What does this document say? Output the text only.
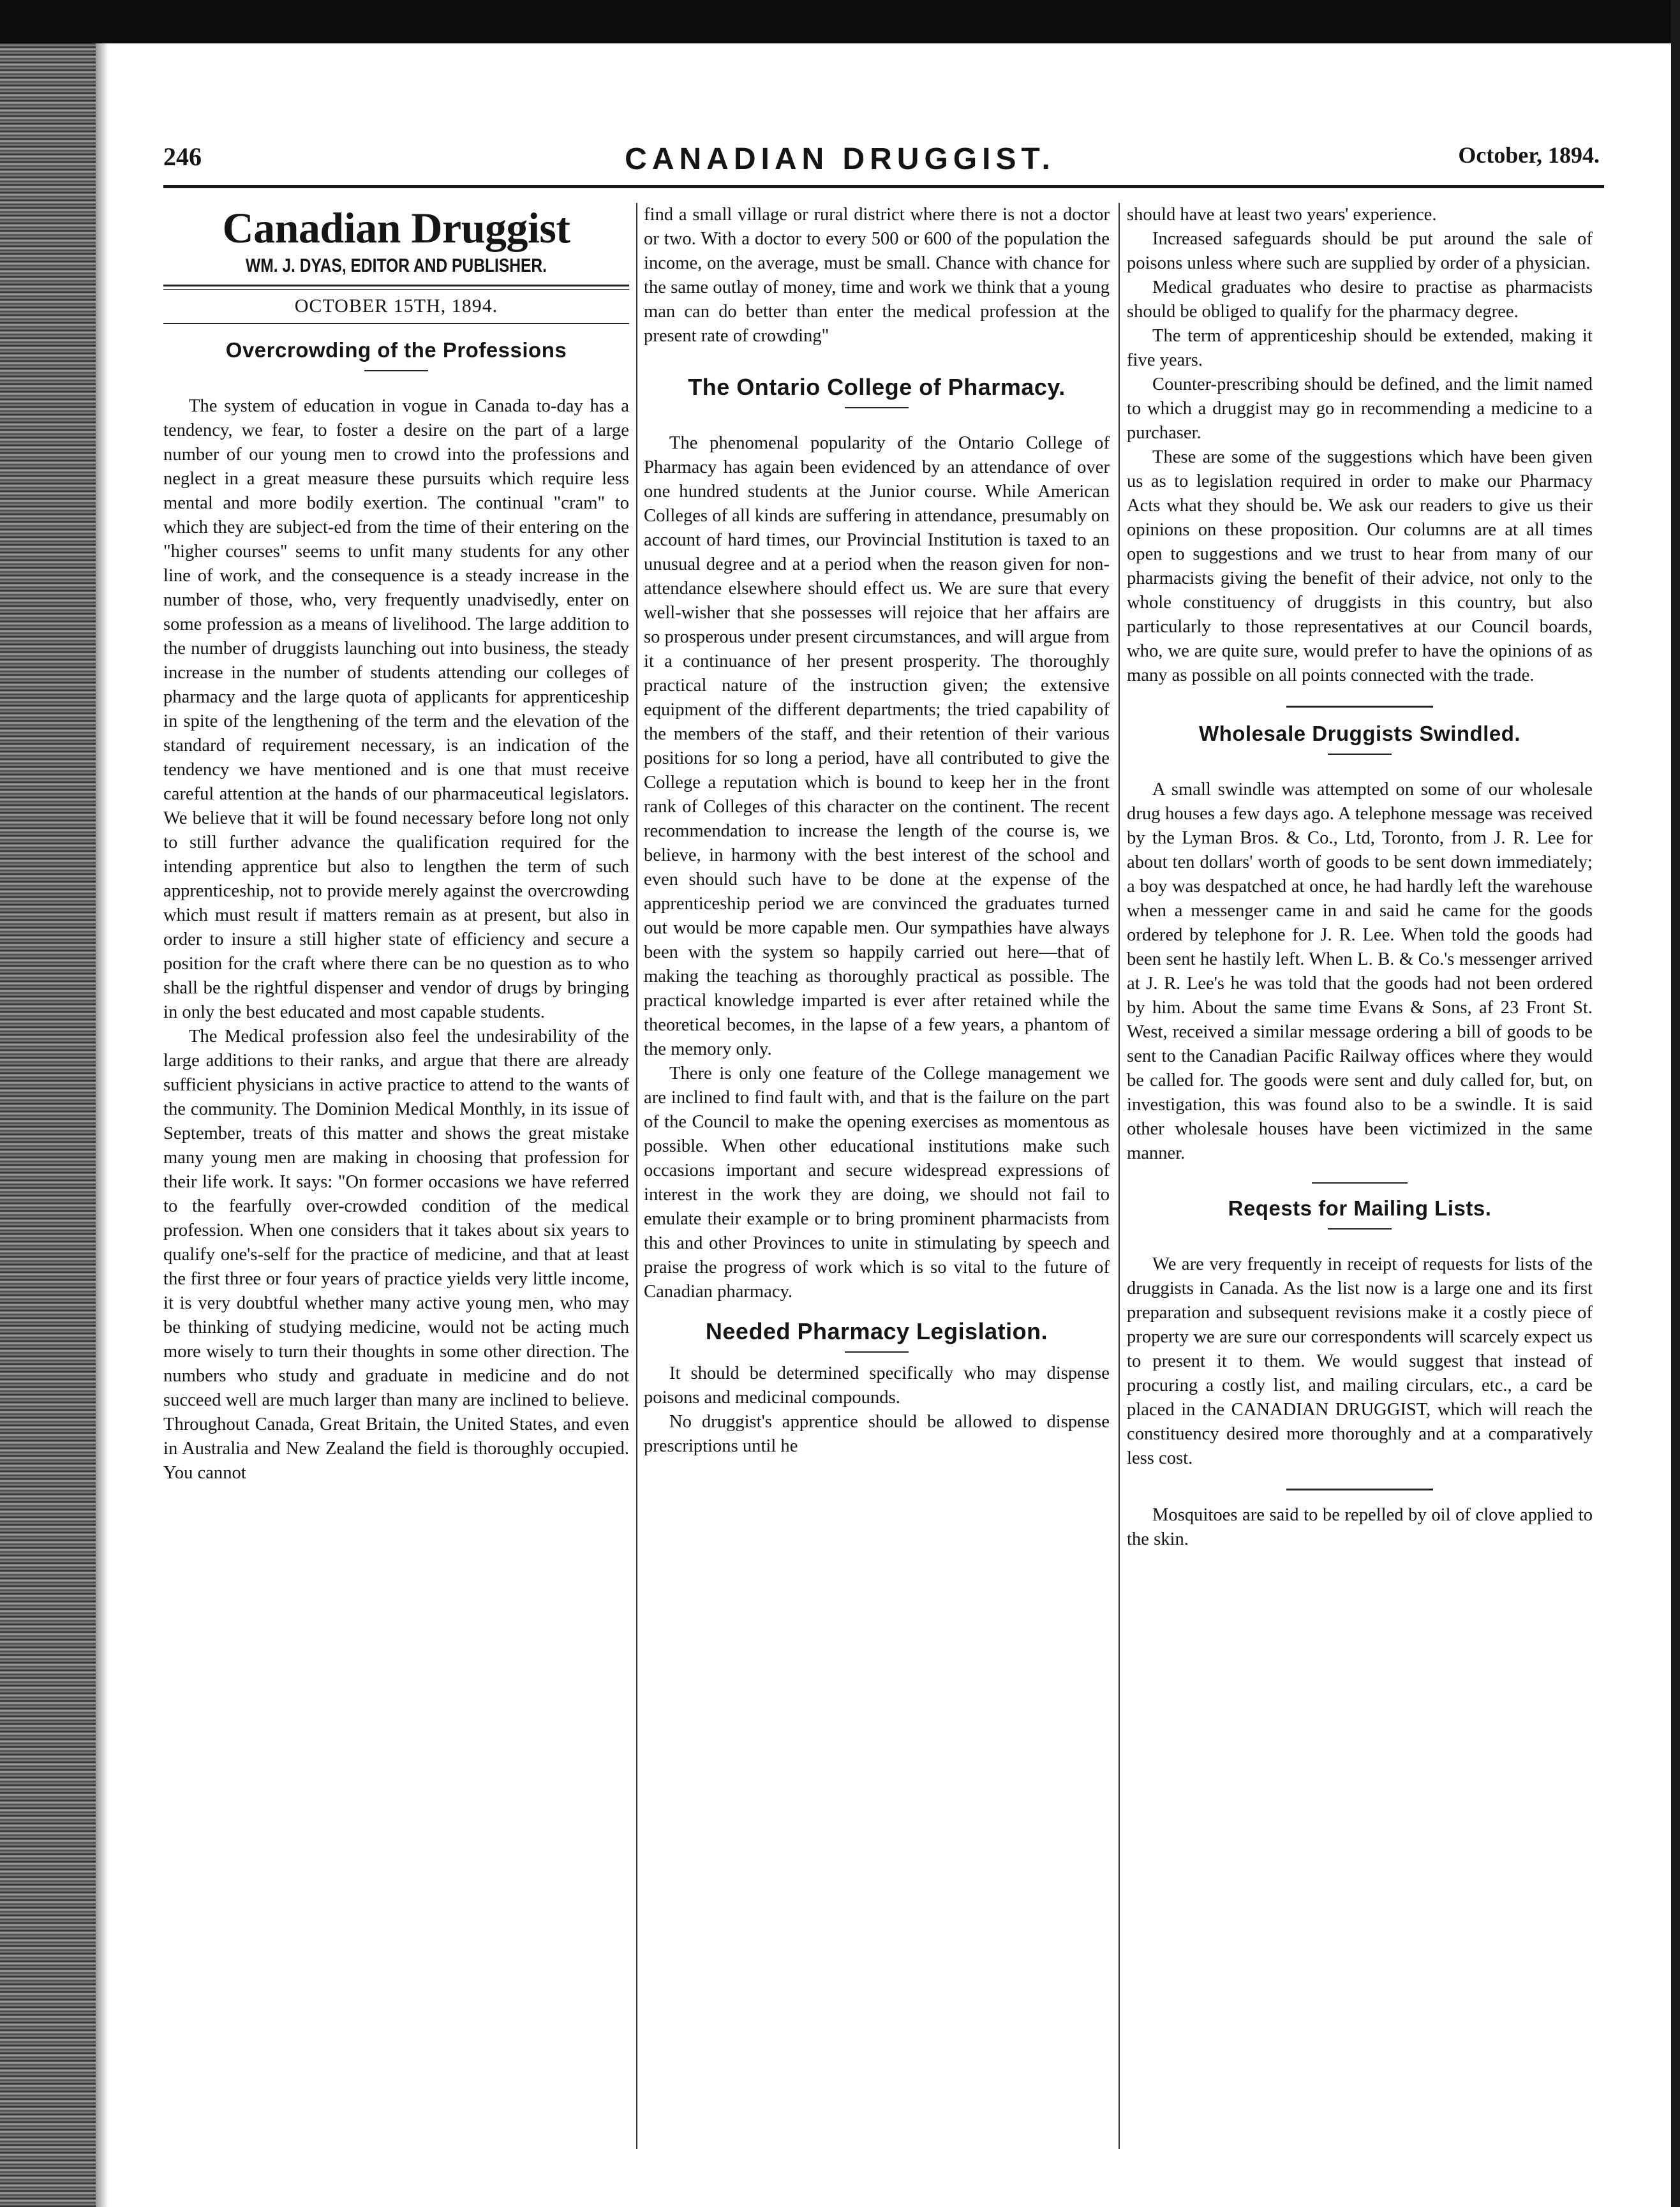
246	CANADIAN DRUGGIST.	October, 1894.
Canadian Druggist
WM. J. DYAS, EDITOR AND PUBLISHER.
OCTOBER 15TH, 1894.
Overcrowding of the Professions

The system of education in vogue in Canada to-day has a tendency, we fear, to foster a desire on the part of a large number of our young men to crowd into the professions and neglect in a great measure these pursuits which require less mental and more bodily exertion. The continual "cram" to which they are subject-ed from the time of their entering on the "higher courses" seems to unfit many students for any other line of work, and the consequence is a steady increase in the number of those, who, very frequently unadvisedly, enter on some profession as a means of livelihood. The large addition to the number of druggists launching out into business, the steady increase in the number of students attending our colleges of pharmacy and the large quota of applicants for apprenticeship in spite of the lengthening of the term and the elevation of the standard of requirement necessary, is an indication of the tendency we have mentioned and is one that must receive careful attention at the hands of our pharmaceutical legislators. We believe that it will be found necessary before long not only to still further advance the qualification required for the intending apprentice but also to lengthen the term of such apprenticeship, not to provide merely against the overcrowding which must result if matters remain as at present, but also in order to insure a still higher state of efficiency and secure a position for the craft where there can be no question as to who shall be the rightful dispenser and vendor of drugs by bringing in only the best educated and most capable students.

The Medical profession also feel the undesirability of the large additions to their ranks, and argue that there are already sufficient physicians in active practice to attend to the wants of the community. The Dominion Medical Monthly, in its issue of September, treats of this matter and shows the great mistake many young men are making in choosing that profession for their life work. It says: "On former occasions we have referred to the fearfully over-crowded condition of the medical profession. When one considers that it takes about six years to qualify one's-self for the practice of medicine, and that at least the first three or four years of practice yields very little income, it is very doubtful whether many active young men, who may be thinking of studying medicine, would not be acting much more wisely to turn their thoughts in some other direction. The numbers who study and graduate in medicine and do not succeed well are much larger than many are inclined to believe. Throughout Canada, Great Britain, the United States, and even in Australia and New Zealand the field is thoroughly occupied. You cannot

find a small village or rural district where there is not a doctor or two. With a doctor to every 500 or 600 of the population the income, on the average, must be small. Chance with chance for the same outlay of money, time and work we think that a young man can do better than enter the medical profession at the present rate of crowding"

The Ontario College of Pharmacy.

The phenomenal popularity of the Ontario College of Pharmacy has again been evidenced by an attendance of over one hundred students at the Junior course. While American Colleges of all kinds are suffering in attendance, presumably on account of hard times, our Provincial Institution is taxed to an unusual degree and at a period when the reason given for non-attendance elsewhere should effect us. We are sure that every well-wisher that she possesses will rejoice that her affairs are so prosperous under present circumstances, and will argue from it a continuance of her present prosperity. The thoroughly practical nature of the instruction given; the extensive equipment of the different departments; the tried capability of the members of the staff, and their retention of their various positions for so long a period, have all contributed to give the College a reputation which is bound to keep her in the front rank of Colleges of this character on the continent. The recent recommendation to increase the length of the course is, we believe, in harmony with the best interest of the school and even should such have to be done at the expense of the apprenticeship period we are convinced the graduates turned out would be more capable men. Our sympathies have always been with the system so happily carried out here—that of making the teaching as thoroughly practical as possible. The practical knowledge imparted is ever after retained while the theoretical becomes, in the lapse of a few years, a phantom of the memory only.

There is only one feature of the College management we are inclined to find fault with, and that is the failure on the part of the Council to make the opening exercises as momentous as possible. When other educational institutions make such occasions important and secure widespread expressions of interest in the work they are doing, we should not fail to emulate their example or to bring prominent pharmacists from this and other Provinces to unite in stimulating by speech and praise the progress of work which is so vital to the future of Canadian pharmacy.

Needed Pharmacy Legislation.

It should be determined specifically who may dispense poisons and medicinal compounds.

No druggist's apprentice should be allowed to dispense prescriptions until he

should have at least two years' experience.

Increased safeguards should be put around the sale of poisons unless where such are supplied by order of a physician.

Medical graduates who desire to practise as pharmacists should be obliged to qualify for the pharmacy degree.

The term of apprenticeship should be extended, making it five years.

Counter-prescribing should be defined, and the limit named to which a druggist may go in recommending a medicine to a purchaser.

These are some of the suggestions which have been given us as to legislation required in order to make our Pharmacy Acts what they should be. We ask our readers to give us their opinions on these proposition. Our columns are at all times open to suggestions and we trust to hear from many of our pharmacists giving the benefit of their advice, not only to the whole constituency of druggists in this country, but also particularly to those representatives at our Council boards, who, we are quite sure, would prefer to have the opinions of as many as possible on all points connected with the trade.

Wholesale Druggists Swindled.

A small swindle was attempted on some of our wholesale drug houses a few days ago. A telephone message was received by the Lyman Bros. & Co., Ltd, Toronto, from J. R. Lee for about ten dollars' worth of goods to be sent down immediately; a boy was despatched at once, he had hardly left the warehouse when a messenger came in and said he came for the goods ordered by telephone for J. R. Lee. When told the goods had been sent he hastily left. When L. B. & Co.'s messenger arrived at J. R. Lee's he was told that the goods had not been ordered by him. About the same time Evans & Sons, af 23 Front St. West, received a similar message ordering a bill of goods to be sent to the Canadian Pacific Railway offices where they would be called for. The goods were sent and duly called for, but, on investigation, this was found also to be a swindle. It is said other wholesale houses have been victimized in the same manner.

Reqests for Mailing Lists.

We are very frequently in receipt of requests for lists of the druggists in Canada. As the list now is a large one and its first preparation and subsequent revisions make it a costly piece of property we are sure our correspondents will scarcely expect us to present it to them. We would suggest that instead of procuring a costly list, and mailing circulars, etc., a card be placed in the CANADIAN DRUGGIST, which will reach the constituency desired more thoroughly and at a comparatively less cost.

Mosquitoes are said to be repelled by oil of clove applied to the skin.
